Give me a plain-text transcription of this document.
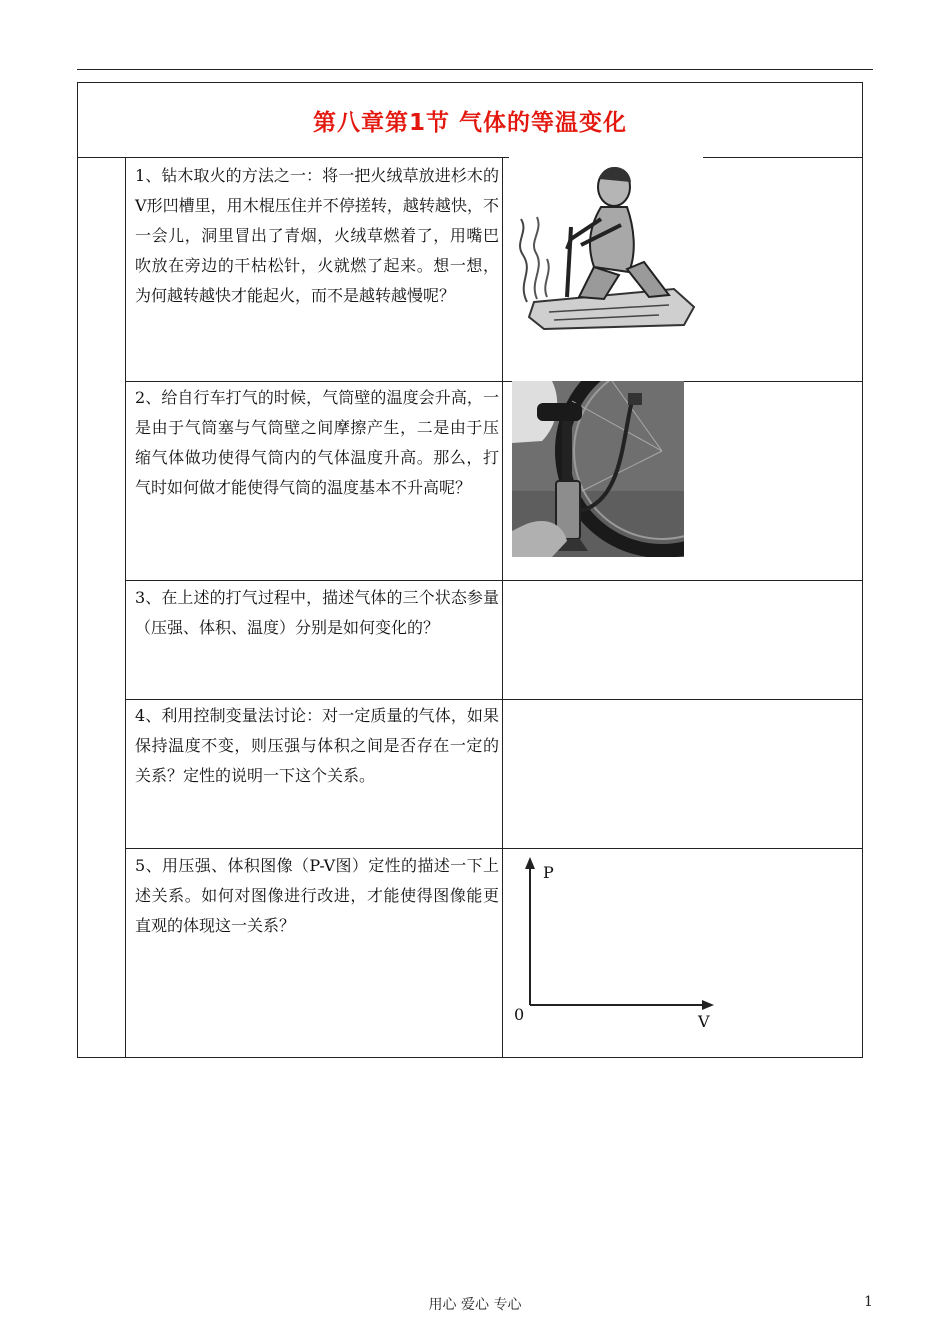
第八章第1节 气体的等温变化
1、钻木取火的方法之一：将一把火绒草放进杉木的V形凹槽里，用木棍压住并不停搓转，越转越快，不一会儿，洞里冒出了青烟，火绒草燃着了，用嘴巴吹放在旁边的干枯松针，火就燃了起来。想一想，为何越转越快才能起火，而不是越转越慢呢？
2、给自行车打气的时候，气筒壁的温度会升高，一是由于气筒塞与气筒壁之间摩擦产生，二是由于压缩气体做功使得气筒内的气体温度升高。那么，打气时如何做才能使得气筒的温度基本不升高呢？
3、在上述的打气过程中，描述气体的三个状态参量（压强、体积、温度）分别是如何变化的？
4、利用控制变量法讨论：对一定质量的气体，如果保持温度不变，则压强与体积之间是否存在一定的关系？定性的说明一下这个关系。
5、用压强、体积图像（P-V图）定性的描述一下上述关系。如何对图像进行改进，才能使得图像能更直观的体现这一关系？
P
V
0
用心 爱心 专心	1
